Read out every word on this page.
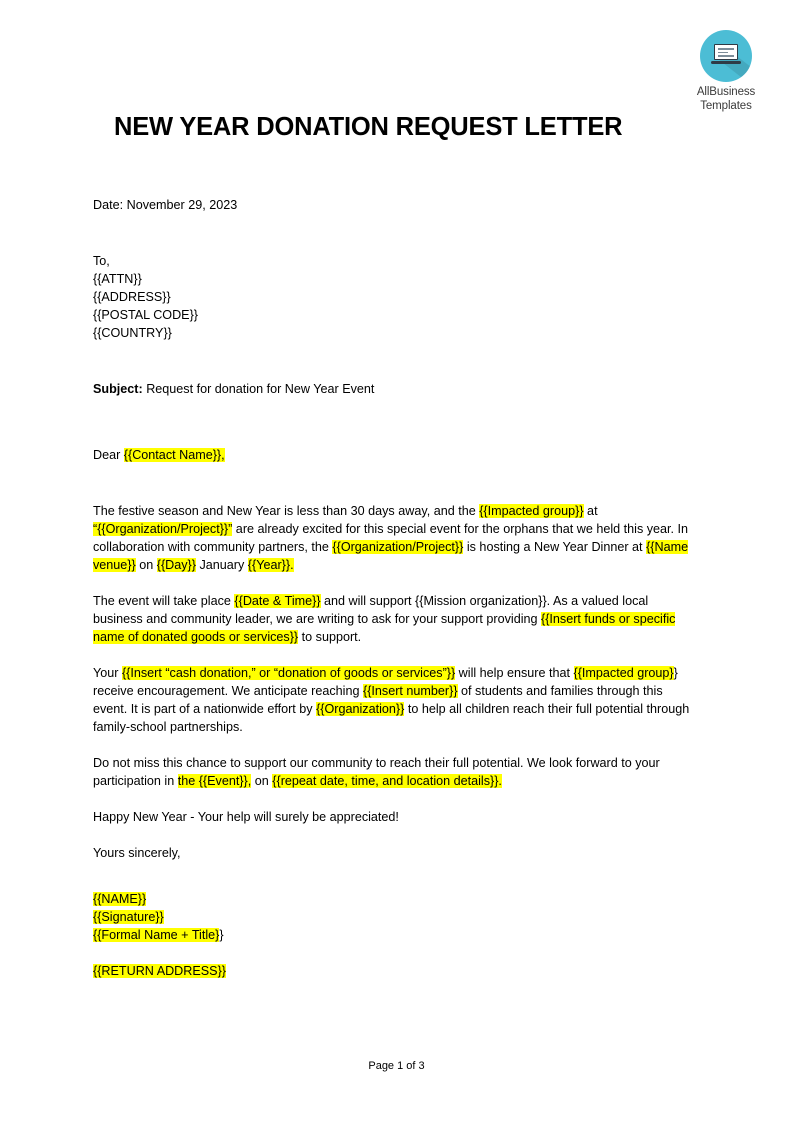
AllBusiness
Templates
NEW YEAR DONATION REQUEST LETTER
Date: November 29, 2023
To,
{{ATTN}}
{{ADDRESS}}
{{POSTAL CODE}}
{{COUNTRY}}
Subject: Request for donation for New Year Event
Dear {{Contact Name}},

The festive season and New Year is less than 30 days away, and the {{Impacted group}} at “{{Organization/Project}}” are already excited for this special event for the orphans that we held this year. In collaboration with community partners, the {{Organization/Project}} is hosting a New Year Dinner at {{Name venue}} on {{Day}} January {{Year}}.

The event will take place {{Date & Time}} and will support {{Mission organization}}. As a valued local business and community leader, we are writing to ask for your support providing {{Insert funds or specific name of donated goods or services}} to support.

Your {{Insert “cash donation,” or “donation of goods or services”}} will help ensure that {{Impacted group}} receive encouragement. We anticipate reaching {{Insert number}} of students and families through this event. It is part of a nationwide effort by {{Organization}} to help all children reach their full potential through family-school partnerships.

Do not miss this chance to support our community to reach their full potential. We look forward to your participation in the {{Event}}, on {{repeat date, time, and location details}}.

Happy New Year - Your help will surely be appreciated!

Yours sincerely,

{{NAME}}
{{Signature}}
{{Formal Name + Title}}
{{RETURN ADDRESS}}
Page 1 of 3
